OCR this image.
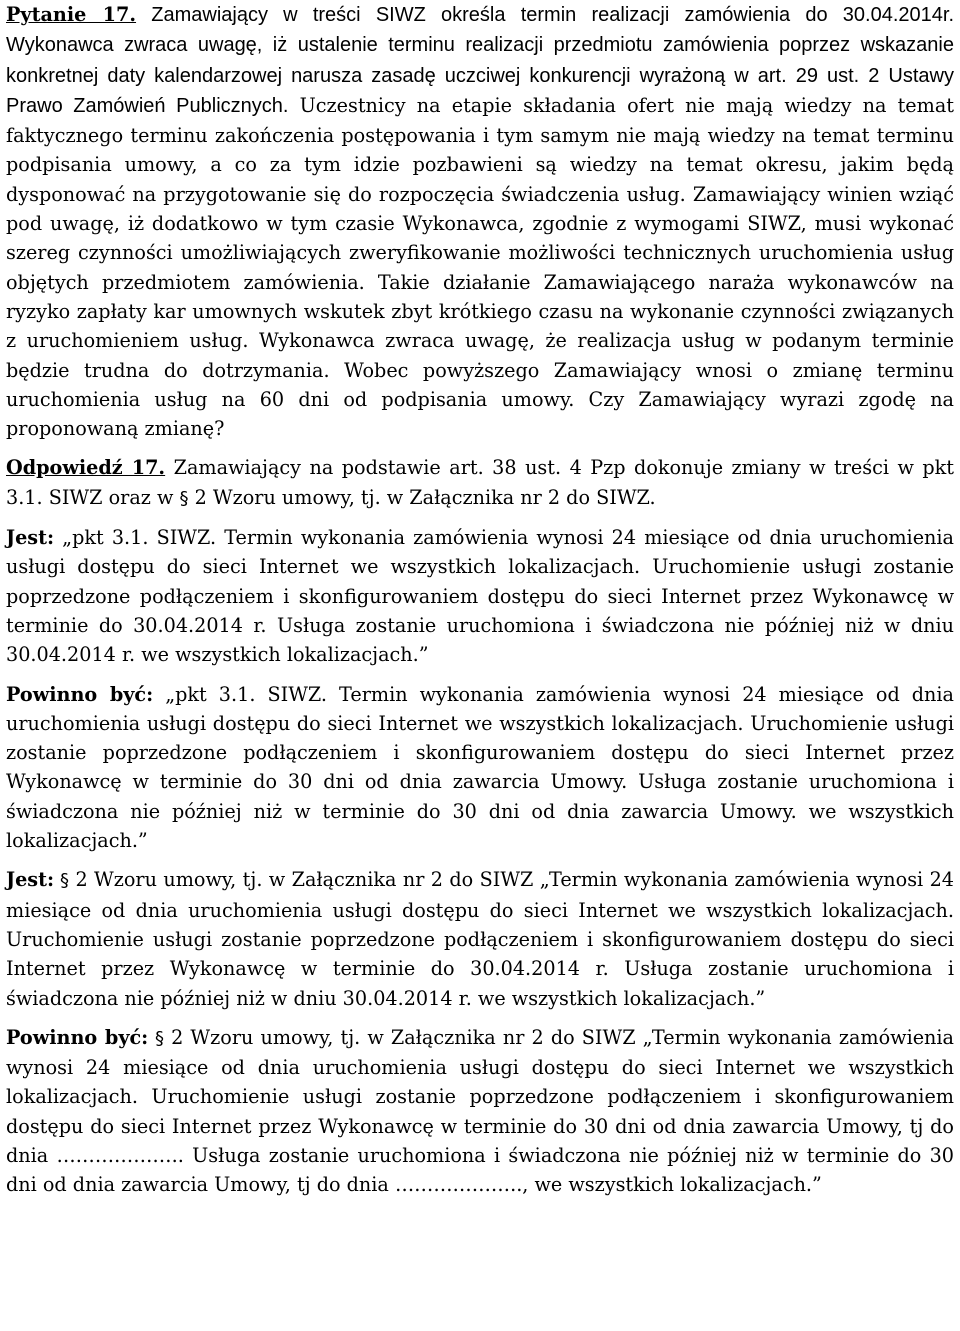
Pytanie 17. Zamawiający w treści SIWZ określa termin realizacji zamówienia do 30.04.2014r. Wykonawca zwraca uwagę, iż ustalenie terminu realizacji przedmiotu zamówienia poprzez wskazanie konkretnej daty kalendarzowej narusza zasadę uczciwej konkurencji wyrażoną w art. 29 ust. 2 Ustawy Prawo Zamówień Publicznych. Uczestnicy na etapie składania ofert nie mają wiedzy na temat faktycznego terminu zakończenia postępowania i tym samym nie mają wiedzy na temat terminu podpisania umowy, a co za tym idzie pozbawieni są wiedzy na temat okresu, jakim będą dysponować na przygotowanie się do rozpoczęcia świadczenia usług. Zamawiający winien wziąć pod uwagę, iż dodatkowo w tym czasie Wykonawca, zgodnie z wymogami SIWZ, musi wykonać szereg czynności umożliwiających zweryfikowanie możliwości technicznych uruchomienia usług objętych przedmiotem zamówienia. Takie działanie Zamawiającego naraża wykonawców na ryzyko zapłaty kar umownych wskutek zbyt krótkiego czasu na wykonanie czynności związanych z uruchomieniem usług. Wykonawca zwraca uwagę, że realizacja usług w podanym terminie będzie trudna do dotrzymania. Wobec powyższego Zamawiający wnosi o zmianę terminu uruchomienia usług na 60 dni od podpisania umowy. Czy Zamawiający wyrazi zgodę na proponowaną zmianę?

Odpowiedź 17. Zamawiający na podstawie art. 38 ust. 4 Pzp dokonuje zmiany w treści w pkt 3.1. SIWZ oraz w § 2 Wzoru umowy, tj. w Załącznika nr 2 do SIWZ.

Jest: „pkt 3.1. SIWZ. Termin wykonania zamówienia wynosi 24 miesiące od dnia uruchomienia usługi dostępu do sieci Internet we wszystkich lokalizacjach. Uruchomienie usługi zostanie poprzedzone podłączeniem i skonfigurowaniem dostępu do sieci Internet przez Wykonawcę w terminie do 30.04.2014 r. Usługa zostanie uruchomiona i świadczona nie później niż w dniu 30.04.2014 r. we wszystkich lokalizacjach.”

Powinno być: „pkt 3.1. SIWZ. Termin wykonania zamówienia wynosi 24 miesiące od dnia uruchomienia usługi dostępu do sieci Internet we wszystkich lokalizacjach. Uruchomienie usługi zostanie poprzedzone podłączeniem i skonfigurowaniem dostępu do sieci Internet przez Wykonawcę w terminie do 30 dni od dnia zawarcia Umowy. Usługa zostanie uruchomiona i świadczona nie później niż w terminie do 30 dni od dnia zawarcia Umowy. we wszystkich lokalizacjach.”

Jest: § 2 Wzoru umowy, tj. w Załącznika nr 2 do SIWZ „Termin wykonania zamówienia wynosi 24 miesiące od dnia uruchomienia usługi dostępu do sieci Internet we wszystkich lokalizacjach. Uruchomienie usługi zostanie poprzedzone podłączeniem i skonfigurowaniem dostępu do sieci Internet przez Wykonawcę w terminie do 30.04.2014 r. Usługa zostanie uruchomiona i świadczona nie później niż w dniu 30.04.2014 r. we wszystkich lokalizacjach.”

Powinno być: § 2 Wzoru umowy, tj. w Załącznika nr 2 do SIWZ „Termin wykonania zamówienia wynosi 24 miesiące od dnia uruchomienia usługi dostępu do sieci Internet we wszystkich lokalizacjach. Uruchomienie usługi zostanie poprzedzone podłączeniem i skonfigurowaniem dostępu do sieci Internet przez Wykonawcę w terminie do 30 dni od dnia zawarcia Umowy, tj do dnia ……………….. Usługa zostanie uruchomiona i świadczona nie później niż w terminie do 30 dni od dnia zawarcia Umowy, tj do dnia ……………….., we wszystkich lokalizacjach.”
